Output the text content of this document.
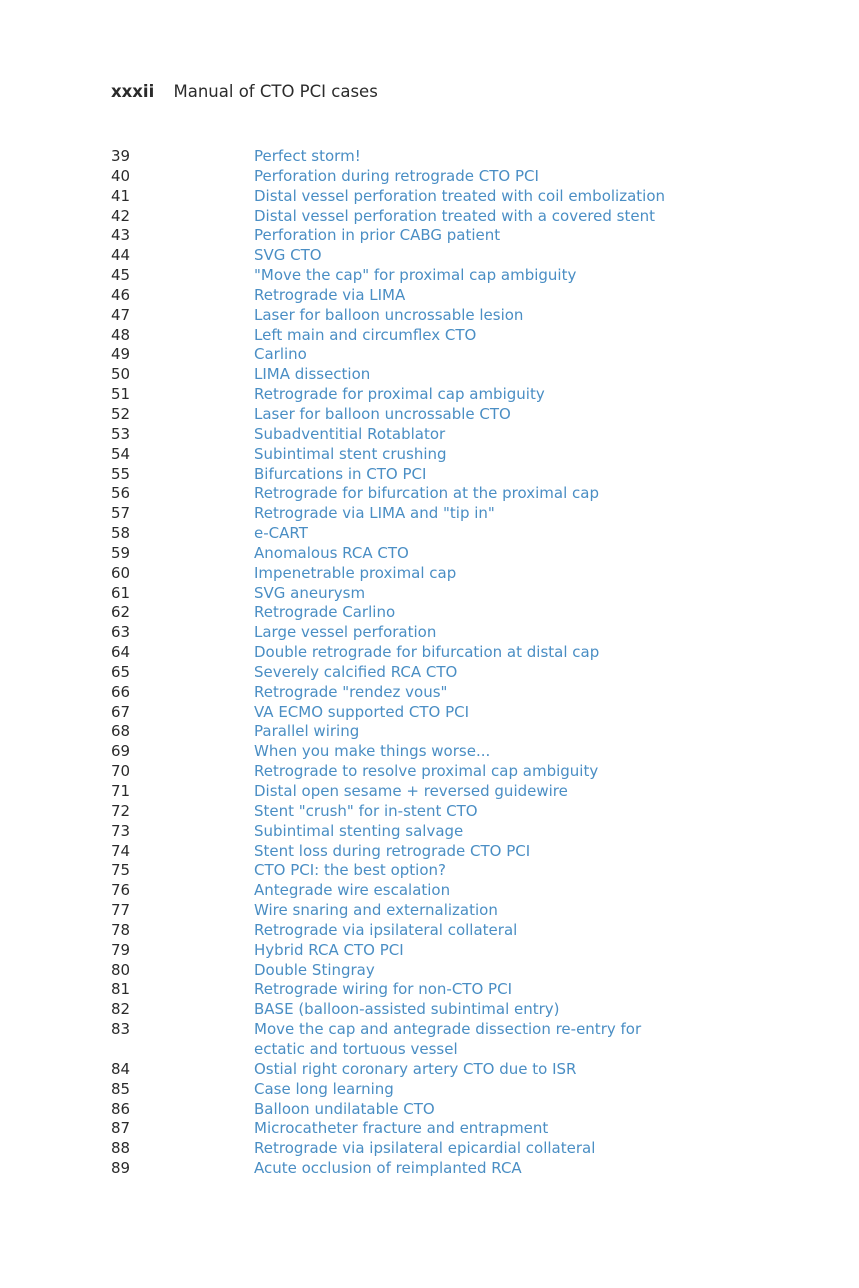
xxxii Manual of CTO PCI cases
39	Perfect storm!
40	Perforation during retrograde CTO PCI
41	Distal vessel perforation treated with coil embolization
42	Distal vessel perforation treated with a covered stent
43	Perforation in prior CABG patient
44	SVG CTO
45	"Move the cap" for proximal cap ambiguity
46	Retrograde via LIMA
47	Laser for balloon uncrossable lesion
48	Left main and circumflex CTO
49	Carlino
50	LIMA dissection
51	Retrograde for proximal cap ambiguity
52	Laser for balloon uncrossable CTO
53	Subadventitial Rotablator
54	Subintimal stent crushing
55	Bifurcations in CTO PCI
56	Retrograde for bifurcation at the proximal cap
57	Retrograde via LIMA and "tip in"
58	e-CART
59	Anomalous RCA CTO
60	Impenetrable proximal cap
61	SVG aneurysm
62	Retrograde Carlino
63	Large vessel perforation
64	Double retrograde for bifurcation at distal cap
65	Severely calcified RCA CTO
66	Retrograde "rendez vous"
67	VA ECMO supported CTO PCI
68	Parallel wiring
69	When you make things worse...
70	Retrograde to resolve proximal cap ambiguity
71	Distal open sesame + reversed guidewire
72	Stent "crush" for in-stent CTO
73	Subintimal stenting salvage
74	Stent loss during retrograde CTO PCI
75	CTO PCI: the best option?
76	Antegrade wire escalation
77	Wire snaring and externalization
78	Retrograde via ipsilateral collateral
79	Hybrid RCA CTO PCI
80	Double Stingray
81	Retrograde wiring for non-CTO PCI
82	BASE (balloon-assisted subintimal entry)
83	Move the cap and antegrade dissection re-entry for ectatic and tortuous vessel
84	Ostial right coronary artery CTO due to ISR
85	Case long learning
86	Balloon undilatable CTO
87	Microcatheter fracture and entrapment
88	Retrograde via ipsilateral epicardial collateral
89	Acute occlusion of reimplanted RCA
